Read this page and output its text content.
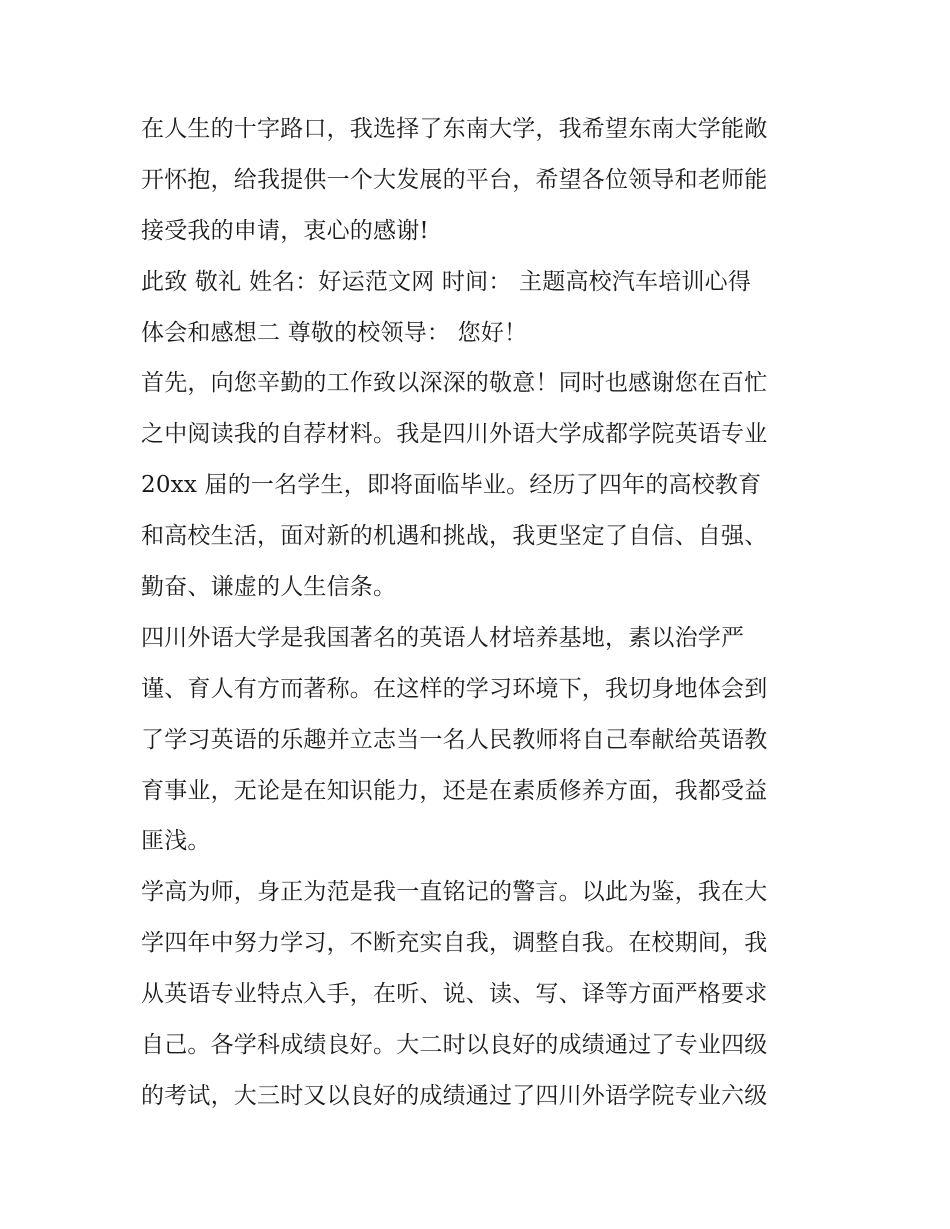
在人生的十字路口，我选择了东南大学，我希望东南大学能敞
开怀抱，给我提供一个大发展的平台，希望各位领导和老师能
接受我的申请，衷心的感谢!
此致 敬礼 姓名：好运范文网 时间： 主题高校汽车培训心得
体会和感想二 尊敬的校领导： 您好！
首先，向您辛勤的工作致以深深的敬意！同时也感谢您在百忙
之中阅读我的自荐材料。我是四川外语大学成都学院英语专业
20xx 届的一名学生，即将面临毕业。经历了四年的高校教育
和高校生活，面对新的机遇和挑战，我更坚定了自信、自强、
勤奋、谦虚的人生信条。
四川外语大学是我国著名的英语人材培养基地，素以治学严
谨、育人有方而著称。在这样的学习环境下，我切身地体会到
了学习英语的乐趣并立志当一名人民教师将自己奉献给英语教
育事业，无论是在知识能力，还是在素质修养方面，我都受益
匪浅。
学高为师，身正为范是我一直铭记的警言。以此为鉴，我在大
学四年中努力学习，不断充实自我，调整自我。在校期间，我
从英语专业特点入手，在听、说、读、写、译等方面严格要求
自己。各学科成绩良好。大二时以良好的成绩通过了专业四级
的考试，大三时又以良好的成绩通过了四川外语学院专业六级
